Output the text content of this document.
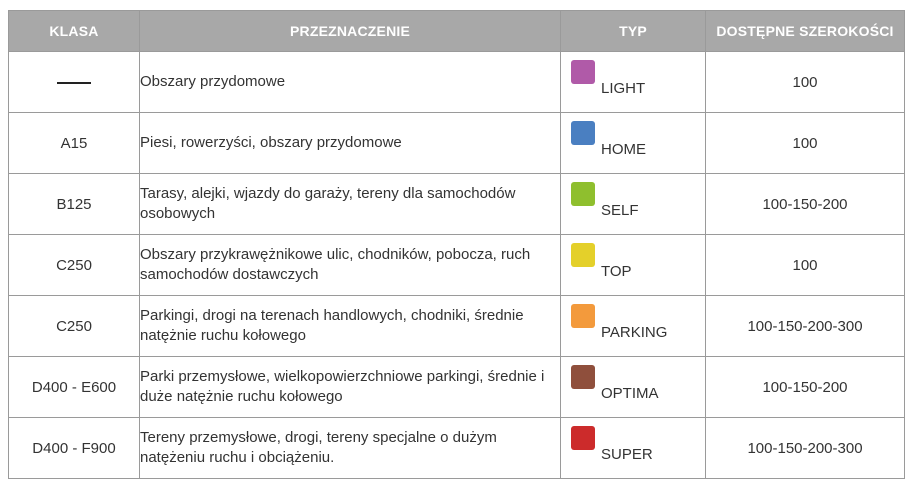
KLASA	PRZEZNACZENIE	TYP	DOSTĘPNE SZEROKOŚCI
	Obszary przydomowe	LIGHT	100
A15	Piesi, rowerzyści, obszary przydomowe	HOME	100
B125	Tarasy, alejki, wjazdy do garaży, tereny dla samochodów osobowych	SELF	100-150-200
C250	Obszary przykrawężnikowe ulic, chodników, pobocza, ruch samochodów dostawczych	TOP	100
C250	Parkingi, drogi na terenach handlowych, chodniki, średnie natężnie ruchu kołowego	PARKING	100-150-200-300
D400 - E600	Parki przemysłowe, wielkopowierzchniowe parkingi, średnie i duże natężnie ruchu kołowego	OPTIMA	100-150-200
D400 - F900	Tereny przemysłowe, drogi, tereny specjalne o dużym natężeniu ruchu i obciążeniu.	SUPER	100-150-200-300
